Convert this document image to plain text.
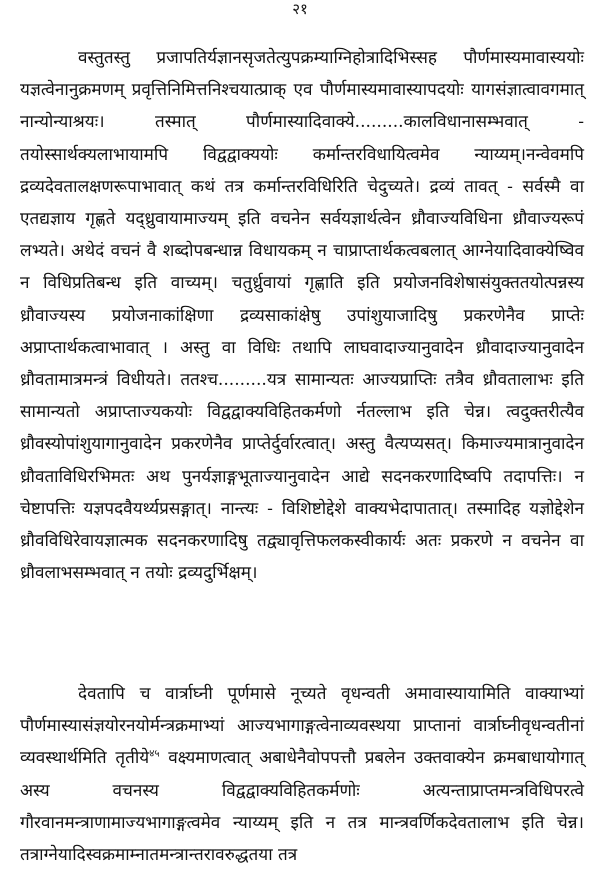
२१

वस्तुतस्तु प्रजापतिर्यज्ञानसृजतेत्युपक्रम्याग्निहोत्रादिभिस्सह पौर्णमास्यमावास्ययोः यज्ञत्वेनानुक्रमणम् प्रवृत्तिनिमित्तनिश्चयात्प्राक् एव पौर्णमास्यमावास्यापदयोः यागसंज्ञात्वावगमात् नान्योन्याश्रयः। तस्मात् पौर्णमास्यादिवाक्ये.........कालविधानासम्भवात् - तयोस्सार्थक्यलाभायामपि विद्वद्वाक्ययोः कर्मान्तरविधायित्वमेव न्याय्यम्।नन्वेवमपि द्रव्यदेवतालक्षणरूपाभावात् कथं तत्र कर्मान्तरविधिरिति चेदुच्यते। द्रव्यं तावत् - सर्वस्मै वा एतद्यज्ञाय गृह्णते यद्ध्रुवायामाज्यम् इति वचनेन सर्वयज्ञार्थत्वेन ध्रौवाज्यविधिना ध्रौवाज्यरूपं लभ्यते। अथेदं वचनं वै शब्दोपबन्धान्न विधायकम् न चाप्राप्तार्थकत्वबलात् आग्नेयादिवाक्येष्विव न विधिप्रतिबन्ध इति वाच्यम्। चतुर्ध्रुवायां गृह्णाति इति प्रयोजनविशेषासंयुक्ततयोत्पन्नस्य ध्रौवाज्यस्य प्रयोजनाकांक्षिणा द्रव्यसाकांक्षेषु उपांशुयाजादिषु प्रकरणेनैव प्राप्तेः अप्राप्तार्थकत्वाभावात् । अस्तु वा विधिः तथापि लाघवादाज्यानुवादेन ध्रौवादाज्यानुवादेन ध्रौवतामात्रमन्त्रं विधीयते। ततश्च.........यत्र सामान्यतः आज्यप्राप्तिः तत्रैव ध्रौवतालाभः इति सामान्यतो अप्राप्ताज्यकयोः विद्वद्वाक्यविहितकर्मणो र्नतल्लाभ इति चेन्न। त्वदुक्तरीत्यैव ध्रौवस्योपांशुयागानुवादेन प्रकरणेनैव प्राप्तेर्दुर्वारत्वात्। अस्तु वैत्यप्यसत्। किमाज्यमात्रानुवादेन ध्रौवताविधिरभिमतः अथ पुनर्यज्ञाङ्गभूताज्यानुवादेन आद्ये सदनकरणादिष्वपि तदापत्तिः। न चेष्टापत्तिः यज्ञपदवैयर्थ्यप्रसङ्गात्। नान्त्यः - विशिष्टोद्देशे वाक्यभेदापातात्। तस्मादिह यज्ञोद्देशेन ध्रौवविधिरेवायज्ञात्मक सदनकरणादिषु तद्व्यावृत्तिफलकस्वीकार्यः अतः प्रकरणे न वचनेन वा ध्रौवलाभसम्भवात् न तयोः द्रव्यदुर्भिक्षम्।

देवतापि च वार्त्राघ्नी पूर्णमासे नूच्यते वृधन्वती अमावास्यायामिति वाक्याभ्यां पौर्णमास्यासंज्ञयोरनयोर्मन्त्रक्रमाभ्यां आज्यभागाङ्गत्वेनाव्यवस्थया प्राप्तानां वार्त्राघ्नीवृधन्वतीनां व्यवस्थार्थमिति तृतीये$^{४५}$ वक्ष्यमाणत्वात् अबाधेनैवोपपत्तौ प्रबलेन उक्तवाक्येन क्रमबाधायोगात् अस्य वचनस्य विद्वद्वाक्यविहितकर्मणोः अत्यन्ताप्राप्तमन्त्रविधिपरत्वे गौरवानमन्त्राणामाज्यभागाङ्गत्वमेव न्याय्यम् इति न तत्र मान्त्रवर्णिकदेवतालाभ इति चेन्न। तत्राग्नेयादिस्वक्रमाम्नातमन्त्रान्तरावरुद्धतया तत्र
